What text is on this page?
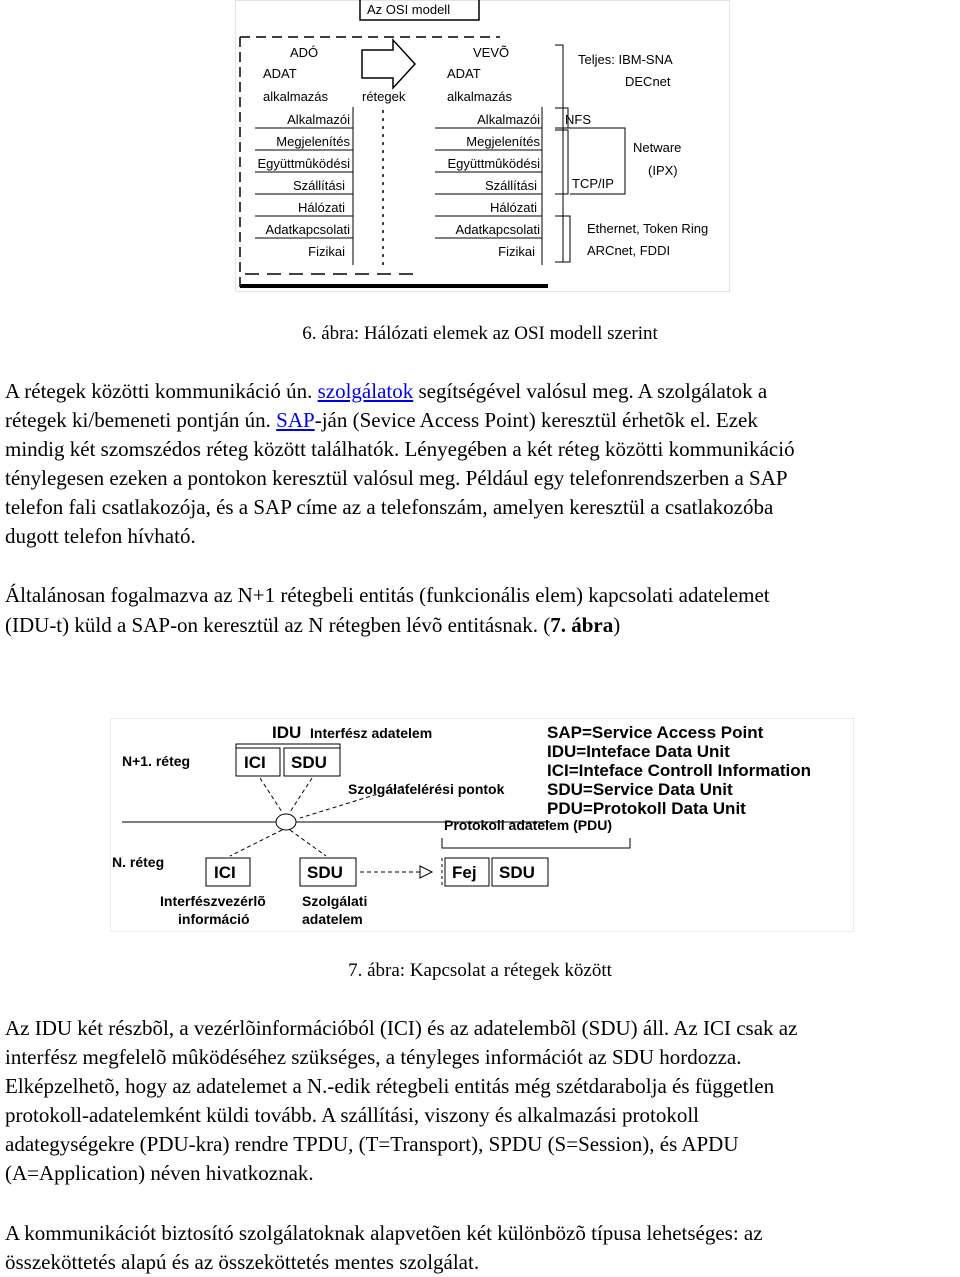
Az OSI modell
ADÓ
ADAT
alkalmazás
Alkalmazói
Megjelenítés
Együttmûködési
Szállítási
Hálózati
Adatkapcsolati
Fizikai
rétegek
VEVÕ
ADAT
alkalmazás
Alkalmazói
Megjelenítés
Együttmûködési
Szállítási
Hálózati
Adatkapcsolati
Fizikai
Teljes: IBM-SNA
DECnet
NFS
Netware
(IPX)
TCP/IP
Ethernet, Token Ring
ARCnet, FDDI
6. ábra: Hálózati elemek az OSI modell szerint

A rétegek közötti kommunikáció ún. szolgálatok segítségével valósul meg. A szolgálatok a

rétegek ki/bemeneti pontján ún. SAP-ján (Sevice Access Point) keresztül érhetõk el. Ezek

mindig két szomszédos réteg között találhatók. Lényegében a két réteg közötti kommunikáció

ténylegesen ezeken a pontokon keresztül valósul meg. Például egy telefonrendszerben a SAP

telefon fali csatlakozója, és a SAP címe az a telefonszám, amelyen keresztül a csatlakozóba

dugott telefon hívható.

Általánosan fogalmazva az N+1 rétegbeli entitás (funkcionális elem) kapcsolati adatelemet

(IDU-t) küld a SAP-on keresztül az N rétegben lévõ entitásnak. (7. ábra)

IDU Interfész adatelem
N+1. réteg	ICI SDU
Szolgálatelérési pontok
Protokoll adatelem (PDU)
N. réteg
ICI	SDU	Fej SDU
Interfészvezérlõ
információ
Szolgálati
adatelem
SAP=Service Access Point
IDU=Inteface Data Unit
ICI=Inteface Controll Information
SDU=Service Data Unit
PDU=Protokoll Data Unit
7. ábra: Kapcsolat a rétegek között

Az IDU két részbõl, a vezérlõinformációból (ICI) és az adatelembõl (SDU) áll. Az ICI csak az

interfész megfelelõ mûködéséhez szükséges, a tényleges információt az SDU hordozza.

Elképzelhetõ, hogy az adatelemet a N.-edik rétegbeli entitás még szétdarabolja és független

protokoll-adatelemként küldi tovább. A szállítási, viszony és alkalmazási protokoll

adategységekre (PDU-kra) rendre TPDU, (T=Transport), SPDU (S=Session), és APDU

(A=Application) néven hivatkoznak.

A kommunikációt biztosító szolgálatoknak alapvetõen két különbözõ típusa lehetséges: az

összeköttetés alapú és az összeköttetés mentes szolgálat.
